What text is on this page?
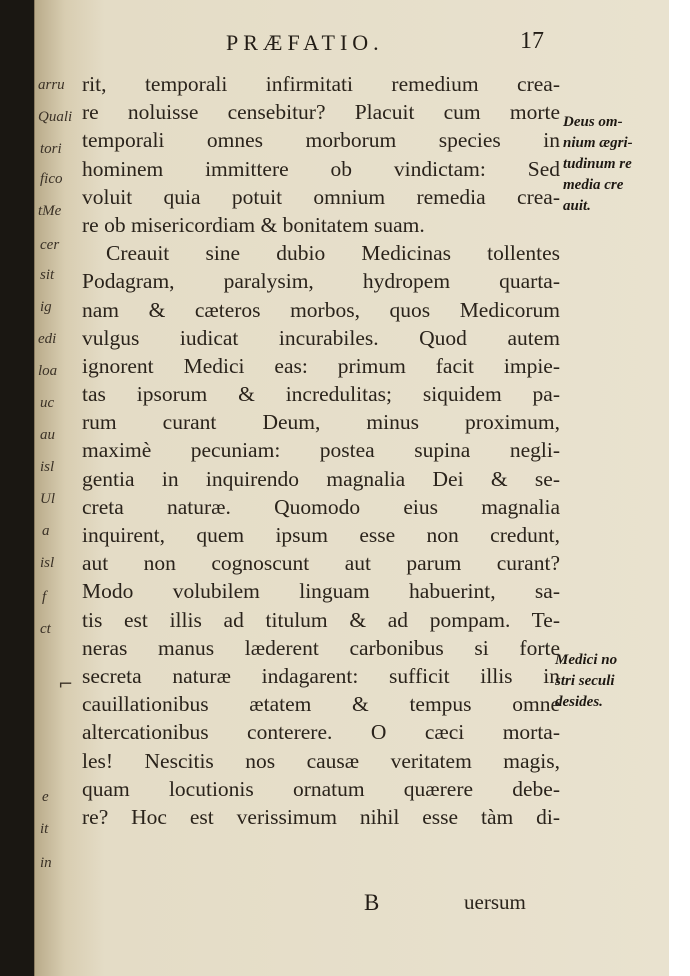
arru
Quali
tori
fico
tMe
cer
sit
ig
edi
loa
uc
au
isl
Ul
a
isl
f
ct
e
it
in
PRÆFATIO.	17
rit, temporali infirmitati remedium crea-
re noluisse censebitur? Placuit cum morte
temporali omnes morborum species in
hominem immittere ob vindictam: Sed
voluit quia potuit omnium remedia crea-
re ob misericordiam & bonitatem suam.
Creauit sine dubio Medicinas tollentes
Podagram, paralysim, hydropem quarta-
nam & cæteros morbos, quos Medicorum
vulgus iudicat incurabiles. Quod autem
ignorent Medici eas: primum facit impie-
tas ipsorum & incredulitas; siquidem pa-
rum curant Deum, minus proximum,
maximè pecuniam: postea supina negli-
gentia in inquirendo magnalia Dei & se-
creta naturæ. Quomodo eius magnalia
inquirent, quem ipsum esse non credunt,
aut non cognoscunt aut parum curant?
Modo volubilem linguam habuerint, sa-
tis est illis ad titulum & ad pompam. Te-
neras manus læderent carbonibus si forte
secreta naturæ indagarent: sufficit illis in
cauillationibus ætatem & tempus omne
altercationibus conterere. O cæci morta-
les! Nescitis nos causæ veritatem magis,
quam locutionis ornatum quærere debe-
re? Hoc est verissimum nihil esse tàm di-
Deus om-
nium ægri-
tudinum re
media cre
auit.
Medici no
stri seculi
desides.
⌐
B	uersum
